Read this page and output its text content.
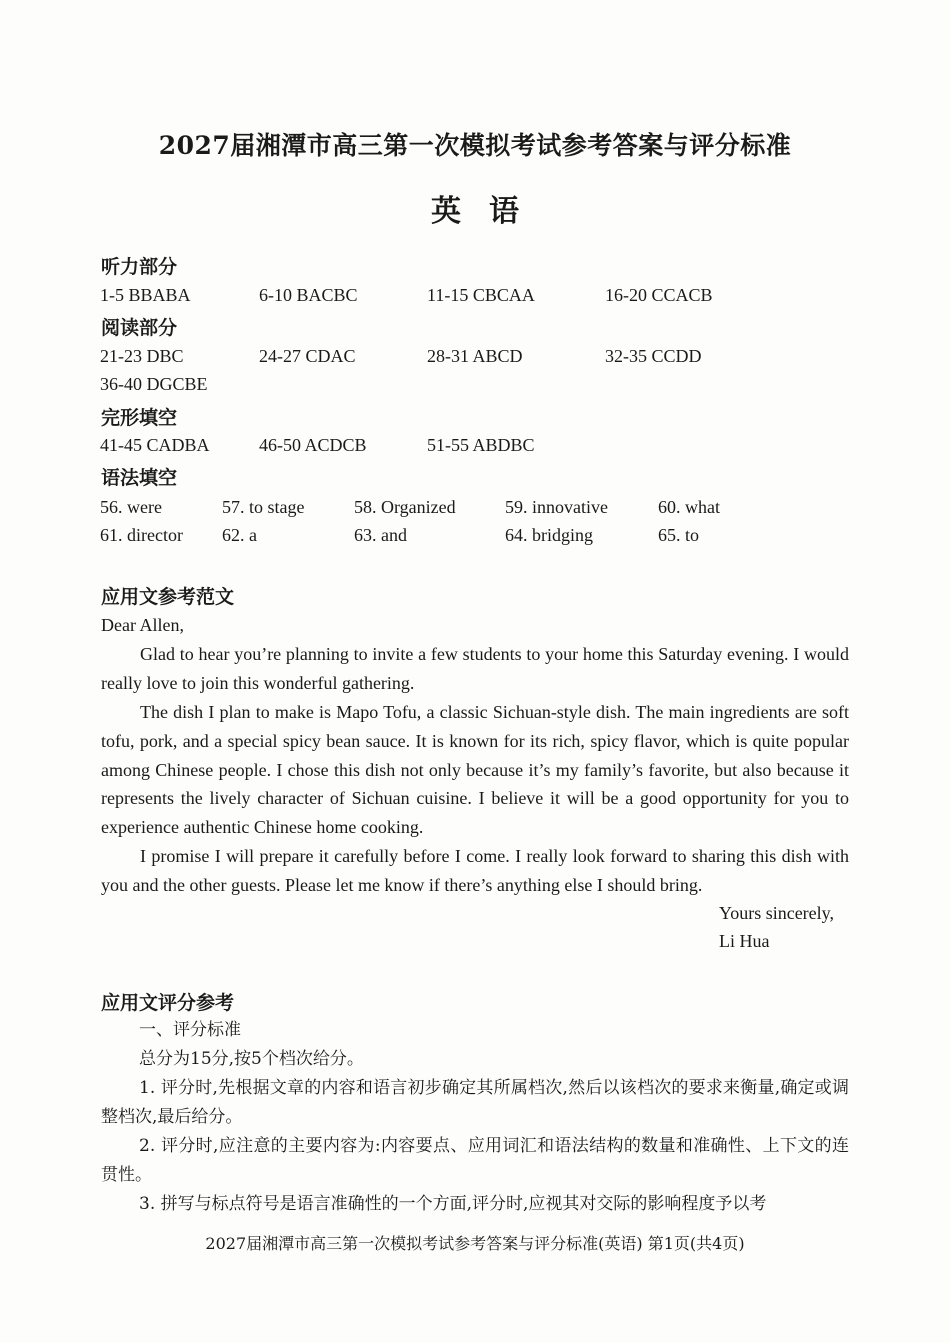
2027届湘潭市高三第一次模拟考试参考答案与评分标准
英语
听力部分
1-5 BBABA	6-10 BACBC	11-15 CBCAA	16-20 CCACB
阅读部分
21-23 DBC	24-27 CDAC	28-31 ABCD	32-35 CCDD
36-40 DGCBE
完形填空
41-45 CADBA	46-50 ACDCB	51-55 ABDBC
语法填空
56. were	57. to stage	58. Organized	59. innovative	60. what
61. director 62. a	63. and	64. bridging	65. to
应用文参考范文

Dear Allen,

Glad to hear you’re planning to invite a few students to your home this Saturday evening. I would really love to join this wonderful gathering.

The dish I plan to make is Mapo Tofu, a classic Sichuan-style dish. The main ingredients are soft tofu, pork, and a special spicy bean sauce. It is known for its rich, spicy flavor, which is quite popular among Chinese people. I chose this dish not only because it’s my family’s favorite, but also because it represents the lively character of Sichuan cuisine. I believe it will be a good opportunity for you to experience authentic Chinese home cooking.

I promise I will prepare it carefully before I come. I really look forward to sharing this dish with you and the other guests. Please let me know if there’s anything else I should bring.

Yours sincerely,
Li Hua
应用文评分参考

一、评分标准

总分为15分,按5个档次给分。

1. 评分时,先根据文章的内容和语言初步确定其所属档次,然后以该档次的要求来衡量,确定或调整档次,最后给分。

2. 评分时,应注意的主要内容为:内容要点、应用词汇和语法结构的数量和准确性、上下文的连贯性。

3. 拼写与标点符号是语言准确性的一个方面,评分时,应视其对交际的影响程度予以考

2027届湘潭市高三第一次模拟考试参考答案与评分标准(英语) 第1页(共4页)
